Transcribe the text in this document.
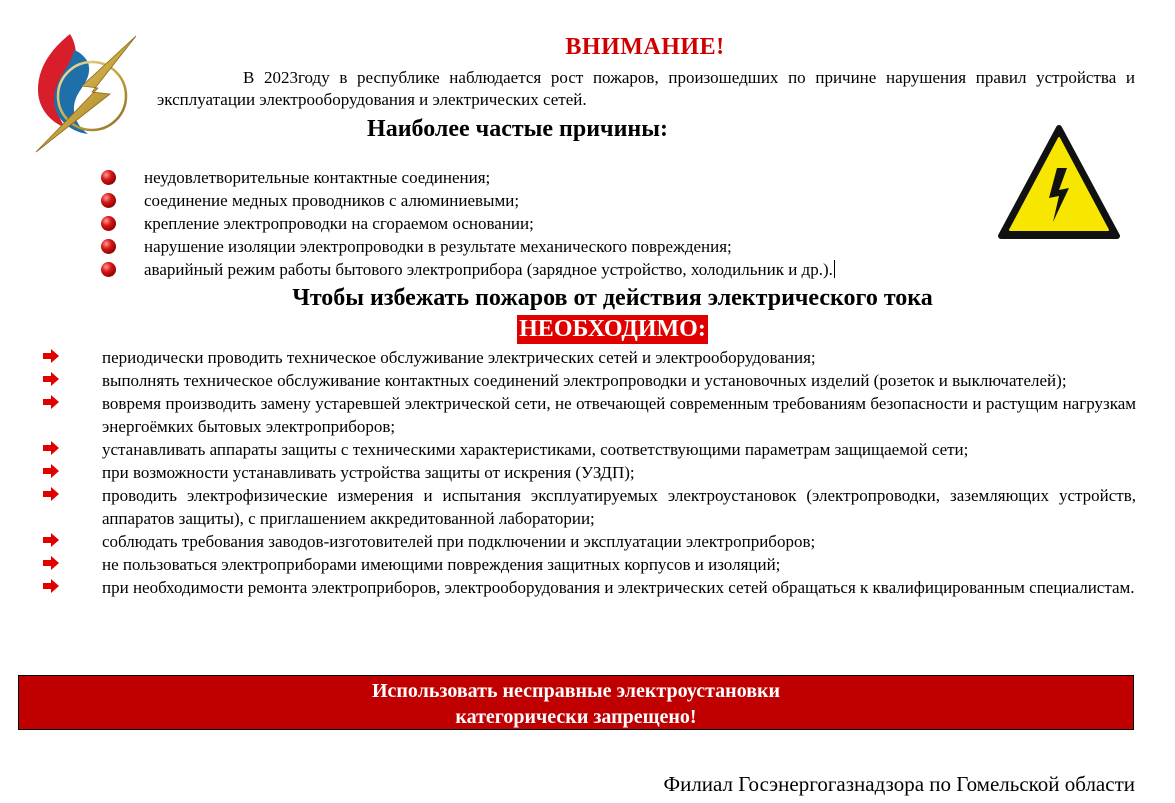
ВНИМАНИЕ!
В 2023году в республике наблюдается рост пожаров, произошедших по причине нарушения правил устройства и эксплуатации электрооборудования и электрических сетей.
Наиболее частые причины:
неудовлетворительные контактные соединения;
соединение медных проводников с алюминиевыми;
крепление электропроводки на сгораемом основании;
нарушение изоляции электропроводки в результате механического повреждения;
аварийный режим работы бытового электроприбора (зарядное устройство, холодильник и др.).
Чтобы избежать пожаров от действия электрического тока
НЕОБХОДИМО:
периодически проводить техническое обслуживание электрических сетей и электрооборудования;
выполнять техническое обслуживание контактных соединений электропроводки и установочных изделий (розеток и выключателей);
вовремя производить замену устаревшей электрической сети, не отвечающей современным требованиям безопасности и растущим нагрузкам энергоёмких бытовых электроприборов;
устанавливать аппараты защиты с техническими характеристиками, соответствующими параметрам защищаемой сети;
при возможности устанавливать устройства защиты от искрения (УЗДП);
проводить электрофизические измерения и испытания эксплуатируемых электроустановок (электропроводки, заземляющих устройств, аппаратов защиты), с приглашением аккредитованной лаборатории;
соблюдать требования заводов-изготовителей при подключении и эксплуатации электроприборов;
не пользоваться электроприборами имеющими повреждения защитных корпусов и изоляций;
при необходимости ремонта электроприборов, электрооборудования и электрических сетей обращаться к квалифицированным специалистам.
Использовать несправные электроустановки
категорически запрещено!
Филиал Госэнергогазнадзора по Гомельской области
